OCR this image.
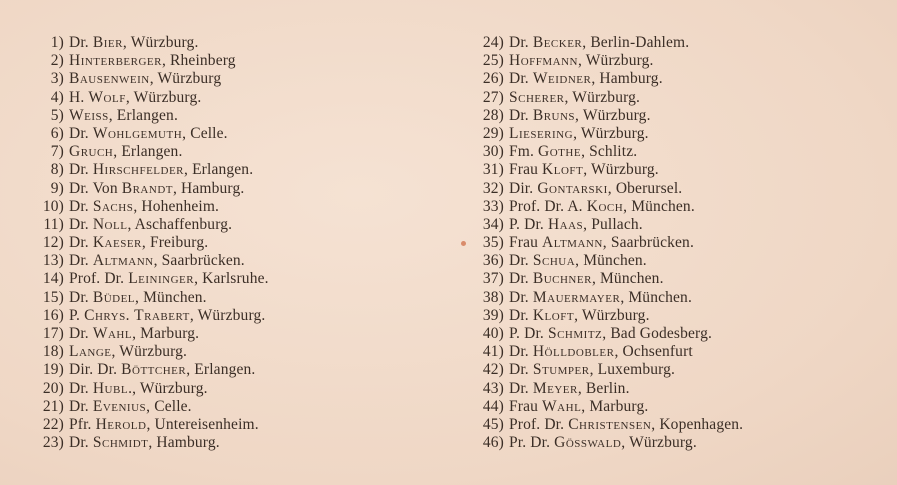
1) Dr. Bier, Würzburg.
2) Hinterberger, Rheinberg
3) Bausenwein, Würzburg
4) H. Wolf, Würzburg.
5) Weiss, Erlangen.
6) Dr. Wohlgemuth, Celle.
7) Gruch, Erlangen.
8) Dr. Hirschfelder, Erlangen.
9) Dr. Von Brandt, Hamburg.
10) Dr. Sachs, Hohenheim.
11) Dr. Noll, Aschaffenburg.
12) Dr. Kaeser, Freiburg.
13) Dr. Altmann, Saarbrücken.
14) Prof. Dr. Leininger, Karlsruhe.
15) Dr. Büdel, München.
16) P. Chrys. Trabert, Würzburg.
17) Dr. Wahl, Marburg.
18) Lange, Würzburg.
19) Dir. Dr. Böttcher, Erlangen.
20) Dr. Hubl., Würzburg.
21) Dr. Evenius, Celle.
22) Pfr. Herold, Untereisenheim.
23) Dr. Schmidt, Hamburg.
24) Dr. Becker, Berlin-Dahlem.
25) Hoffmann, Würzburg.
26) Dr. Weidner, Hamburg.
27) Scherer, Würzburg.
28) Dr. Bruns, Würzburg.
29) Liesering, Würzburg.
30) Fm. Gothe, Schlitz.
31) Frau Kloft, Würzburg.
32) Dir. Gontarski, Oberursel.
33) Prof. Dr. A. Koch, München.
34) P. Dr. Haas, Pullach.
35) Frau Altmann, Saarbrücken.
36) Dr. Schua, München.
37) Dr. Buchner, München.
38) Dr. Mauermayer, München.
39) Dr. Kloft, Würzburg.
40) P. Dr. Schmitz, Bad Godesberg.
41) Dr. Hölldobler, Ochsenfurt
42) Dr. Stumper, Luxemburg.
43) Dr. Meyer, Berlin.
44) Frau Wahl, Marburg.
45) Prof. Dr. Christensen, Kopenhagen.
46) Pr. Dr. Gösswald, Würzburg.
